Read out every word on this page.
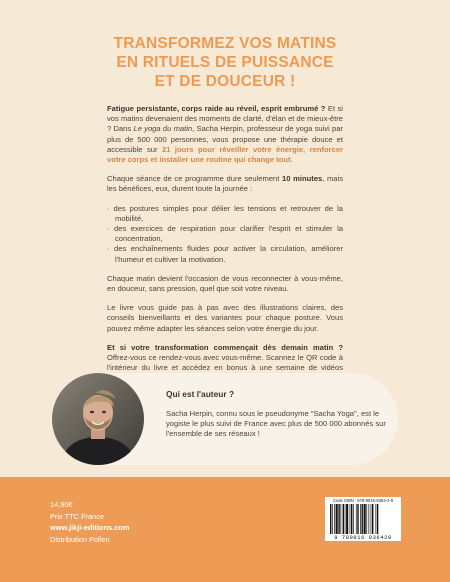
TRANSFORMEZ VOS MATINS
EN RITUELS DE PUISSANCE
ET DE DOUCEUR !

Fatigue persistante, corps raide au réveil, esprit embrumé ? Et si vos matins devenaient des moments de clarté, d'élan et de mieux-être ? Dans Le yoga du matin, Sacha Herpin, professeur de yoga suivi par plus de 500 000 personnes, vous propose une thérapie douce et accessible sur 21 jours pour réveiller votre énergie, renforcer votre corps et installer une routine qui change tout.

Chaque séance de ce programme dure seulement 10 minutes, mais les bénéfices, eux, durent toute la journée :

· des postures simples pour délier les tensions et retrouver de la mobilité,
· des exercices de respiration pour clarifier l'esprit et stimuler la concentration,
· des enchaînements fluides pour activer la circulation, améliorer l'humeur et cultiver la motivation.

Chaque matin devient l'occasion de vous reconnecter à vous-même, en douceur, sans pression, quel que soit votre niveau.

Le livre vous guide pas à pas avec des illustrations claires, des conseils bienveillants et des variantes pour chaque posture. Vous pouvez même adapter les séances selon votre énergie du jour.

Et si votre transformation commençait dès demain matin ? Offrez-vous ce rendez-vous avec vous-même. Scannez le QR code à l'intérieur du livre et accédez en bonus à une semaine de vidéos

Qui est l'auteur ?
Sacha Herpin, connu sous le pseudonyme "Sacha Yoga", est le yogiste le plus suivi de France avec plus de 500 000 abonnés sur l'ensemble de ses réseaux !
14,90€
Prix TTC France
www.jikji-editions.com
Distribution Pollen
Code ISBN : 978-9916-9364-2-9
9 789916 936429
